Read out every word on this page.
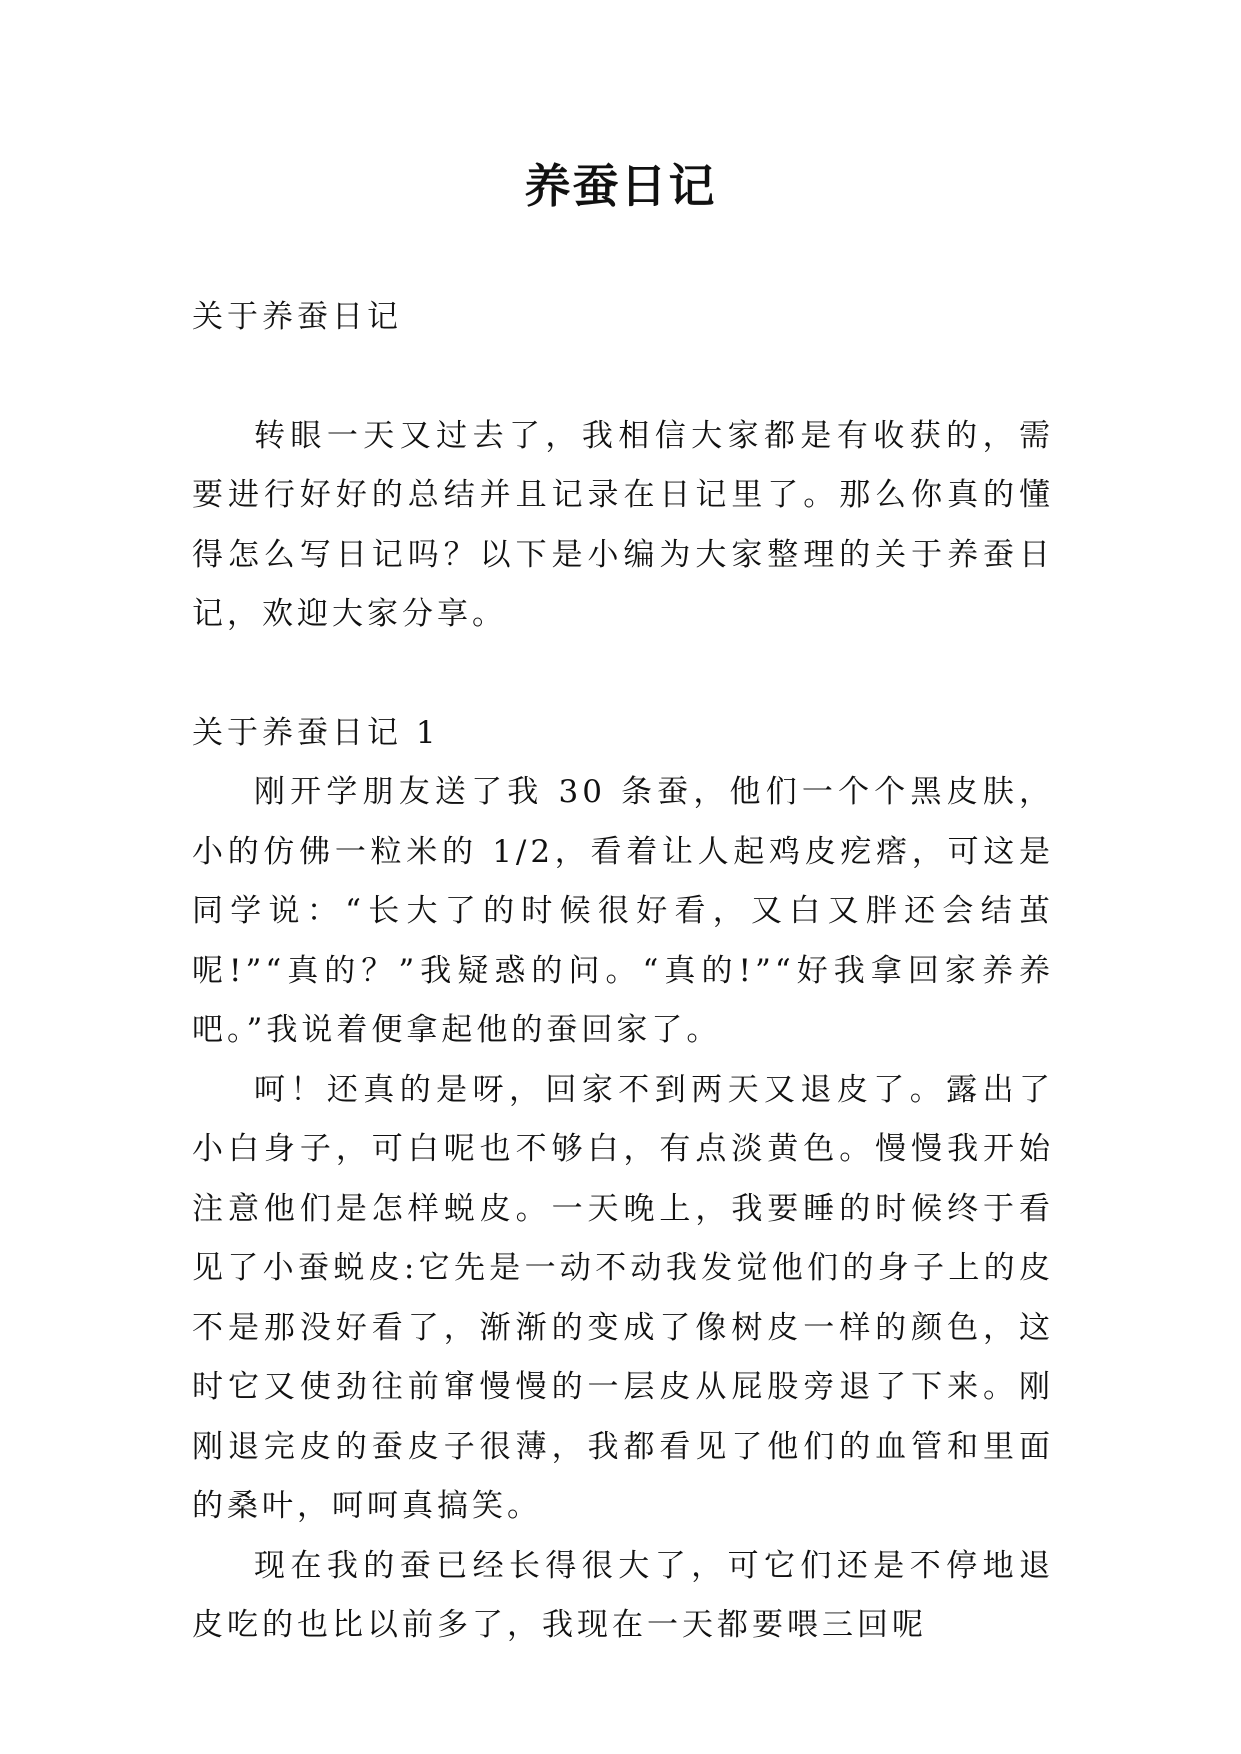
养蚕日记

关于养蚕日记

转眼一天又过去了，我相信大家都是有收获的，需要进行好好的总结并且记录在日记里了。那么你真的懂得怎么写日记吗？以下是小编为大家整理的关于养蚕日记，欢迎大家分享。

关于养蚕日记 1

刚开学朋友送了我 30 条蚕，他们一个个黑皮肤，小的仿佛一粒米的 1/2，看着让人起鸡皮疙瘩，可这是同学说：“长大了的时候很好看，又白又胖还会结茧呢!”“真的？”我疑惑的问。“真的!”“好我拿回家养养吧。”我说着便拿起他的蚕回家了。

呵！还真的是呀，回家不到两天又退皮了。露出了小白身子，可白呢也不够白，有点淡黄色。慢慢我开始注意他们是怎样蜕皮。一天晚上，我要睡的时候终于看见了小蚕蜕皮:它先是一动不动我发觉他们的身子上的皮不是那没好看了，渐渐的变成了像树皮一样的颜色，这时它又使劲往前窜慢慢的一层皮从屁股旁退了下来。刚刚退完皮的蚕皮子很薄，我都看见了他们的血管和里面的桑叶，呵呵真搞笑。

现在我的蚕已经长得很大了，可它们还是不停地退皮吃的也比以前多了，我现在一天都要喂三回呢
